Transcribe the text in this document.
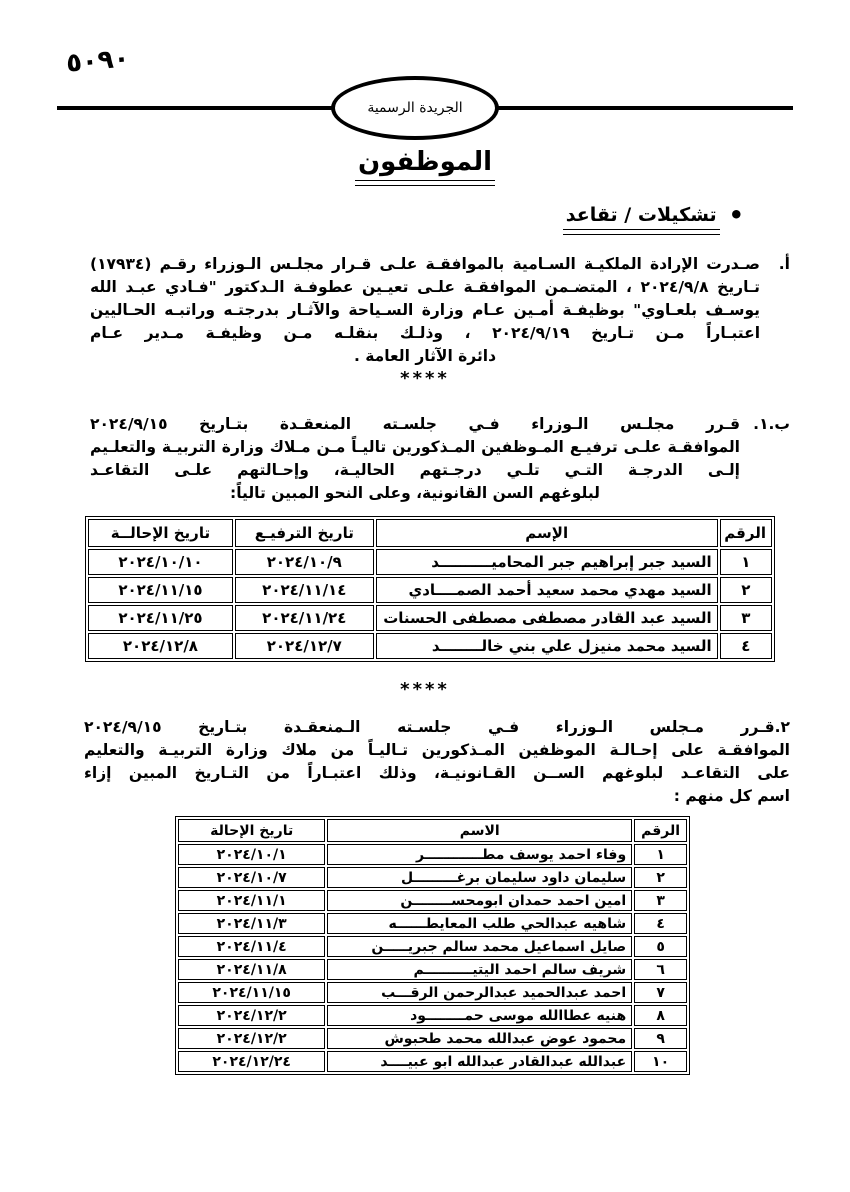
٥٠٩٠
الجريدة الرسمية
الموظفون
•تشكيلات / تقاعد
أ.
صـدرت الإرادة الملكيـة السـامية بالموافقـة علـى قـرار مجلـس الـوزراء رقـم (١٧٩٣٤)
تـاريخ ٢٠٢٤/٩/٨ ، المتضـمن الموافقـة علـى تعيـين عطوفـة الـدكتور "فـادي عبـد الله
يوسـف بلعـاوي" بوظيفـة أمـين عـام وزارة السـياحة والآثـار بدرجتـه وراتبـه الحـاليين
اعتبـاراً مـن تـاريخ ٢٠٢٤/٩/١٩ ، وذلـك بنقلـه مـن وظيفـة مـدير عـام
دائرة الآثار العامة .
****
ب.١.
قـرر مجلـس الـوزراء فـي جلسـته المنعقـدة بتـاريخ ٢٠٢٤/٩/١٥
الموافقـة علـى ترفيـع المـوظفين المـذكورين تاليـاً مـن مـلاك وزارة التربيـة والتعلـيم
إلـى الدرجـة التـي تلـي درجـتهم الحاليـة، وإحـالتهم علـى التقاعـد
لبلوغهم السن القانونية، وعلى النحو المبين تالياً:
الرقم	الإسم	تاريخ الترفيـع	تاريخ الإحالــة
١	السيد جبر إبراهيم جبر المحاميــــــــــد	٢٠٢٤/١٠/٩	٢٠٢٤/١٠/١٠
٢	السيد مهدي محمد سعيد أحمد الصمــــادي	٢٠٢٤/١١/١٤	٢٠٢٤/١١/١٥
٣	السيد عبد القادر مصطفى مصطفى الحسنات	٢٠٢٤/١١/٢٤	٢٠٢٤/١١/٢٥
٤	السيد محمد منيزل علي بني خالــــــــد	٢٠٢٤/١٢/٧	٢٠٢٤/١٢/٨
****
٢.قـرر مـجلس الـوزراء فـي جلسـته الـمنعقـدة بتـاريخ ٢٠٢٤/٩/١٥
الموافقـة على إحـالـة الموظفين المـذكورين تـاليـاً من ملاك وزارة التربيـة والتعليم
على التقاعـد لبلوغهم الســن القـانونيـة، وذلك اعتبـاراً من التـاريخ المبين إزاء
اسم كل منهم :
الرقم	الاسم	تاريخ الإحالة
١	وفاء احمد يوسف مطــــــــــــر	٢٠٢٤/١٠/١
٢	سليمان داود سليمان برغـــــــــل	٢٠٢٤/١٠/٧
٣	امين احمد حمدان ابومحســــــــن	٢٠٢٤/١١/١
٤	شاهيه عبدالحي طلب المعايطــــــه	٢٠٢٤/١١/٣
٥	صايل اسماعيل محمد سالم جبريـــــن	٢٠٢٤/١١/٤
٦	شريف سالم احمد اليتيــــــــــم	٢٠٢٤/١١/٨
٧	احمد عبدالحميد عبدالرحمن الرقـــب	٢٠٢٤/١١/١٥
٨	هنيه عطاالله موسى حمــــــــود	٢٠٢٤/١٢/٢
٩	محمود عوض عبدالله محمد طحبوش	٢٠٢٤/١٢/٢
١٠	عبدالله عبدالقادر عبدالله ابو عبيــــد	٢٠٢٤/١٢/٢٤
